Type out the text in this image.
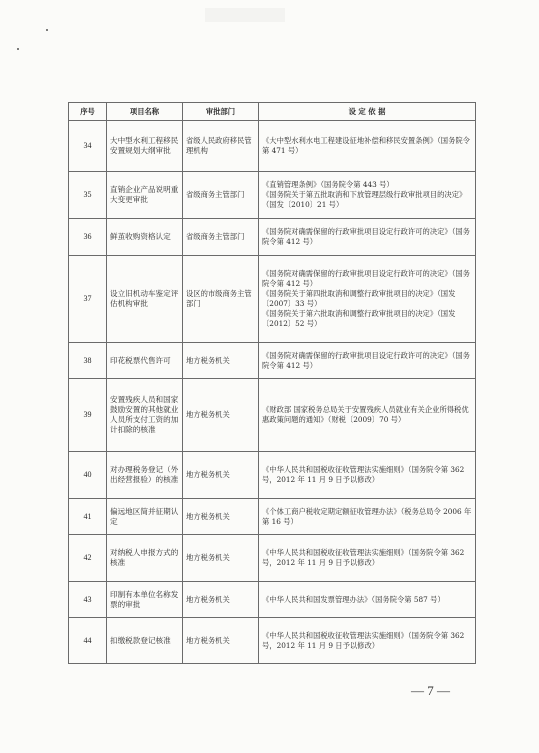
序号	项目名称	审批部门	设 定 依 据
34	大中型水利工程移民安置规划大纲审批	省级人民政府移民管理机构	《大中型水利水电工程建设征地补偿和移民安置条例》（国务院令第 471 号）
35	直销企业产品说明重大变更审批	省级商务主管部门	《直销管理条例》（国务院令第 443 号）
《国务院关于第五批取消和下放管理层级行政审批项目的决定》（国发〔2010〕21 号）
36	鲜茧收购资格认定	省级商务主管部门	《国务院对确需保留的行政审批项目设定行政许可的决定》（国务院令第 412 号）
37	设立旧机动车鉴定评估机构审批	设区的市级商务主管部门	《国务院对确需保留的行政审批项目设定行政许可的决定》（国务院令第 412 号）
《国务院关于第四批取消和调整行政审批项目的决定》（国发〔2007〕33 号）
《国务院关于第六批取消和调整行政审批项目的决定》（国发〔2012〕52 号）
38	印花税票代售许可	地方税务机关	《国务院对确需保留的行政审批项目设定行政许可的决定》（国务院令第 412 号）
39	安置残疾人员和国家鼓励安置的其他就业人员所支付工资的加计扣除的核准	地方税务机关	《财政部 国家税务总局关于安置残疾人员就业有关企业所得税优惠政策问题的通知》（财税〔2009〕70 号）
40	对办理税务登记（外出经营报验）的核准	地方税务机关	《中华人民共和国税收征收管理法实施细则》（国务院令第 362 号，2012 年 11 月 9 日予以修改）
41	偏远地区简并征期认定	地方税务机关	《个体工商户税收定期定额征收管理办法》（税务总局令 2006 年第 16 号）
42	对纳税人申报方式的核准	地方税务机关	《中华人民共和国税收征收管理法实施细则》（国务院令第 362 号，2012 年 11 月 9 日予以修改）
43	印制有本单位名称发票的审批	地方税务机关	《中华人民共和国发票管理办法》（国务院令第 587 号）
44	扣缴税款登记核准	地方税务机关	《中华人民共和国税收征收管理法实施细则》（国务院令第 362 号，2012 年 11 月 9 日予以修改）
— 7 —
